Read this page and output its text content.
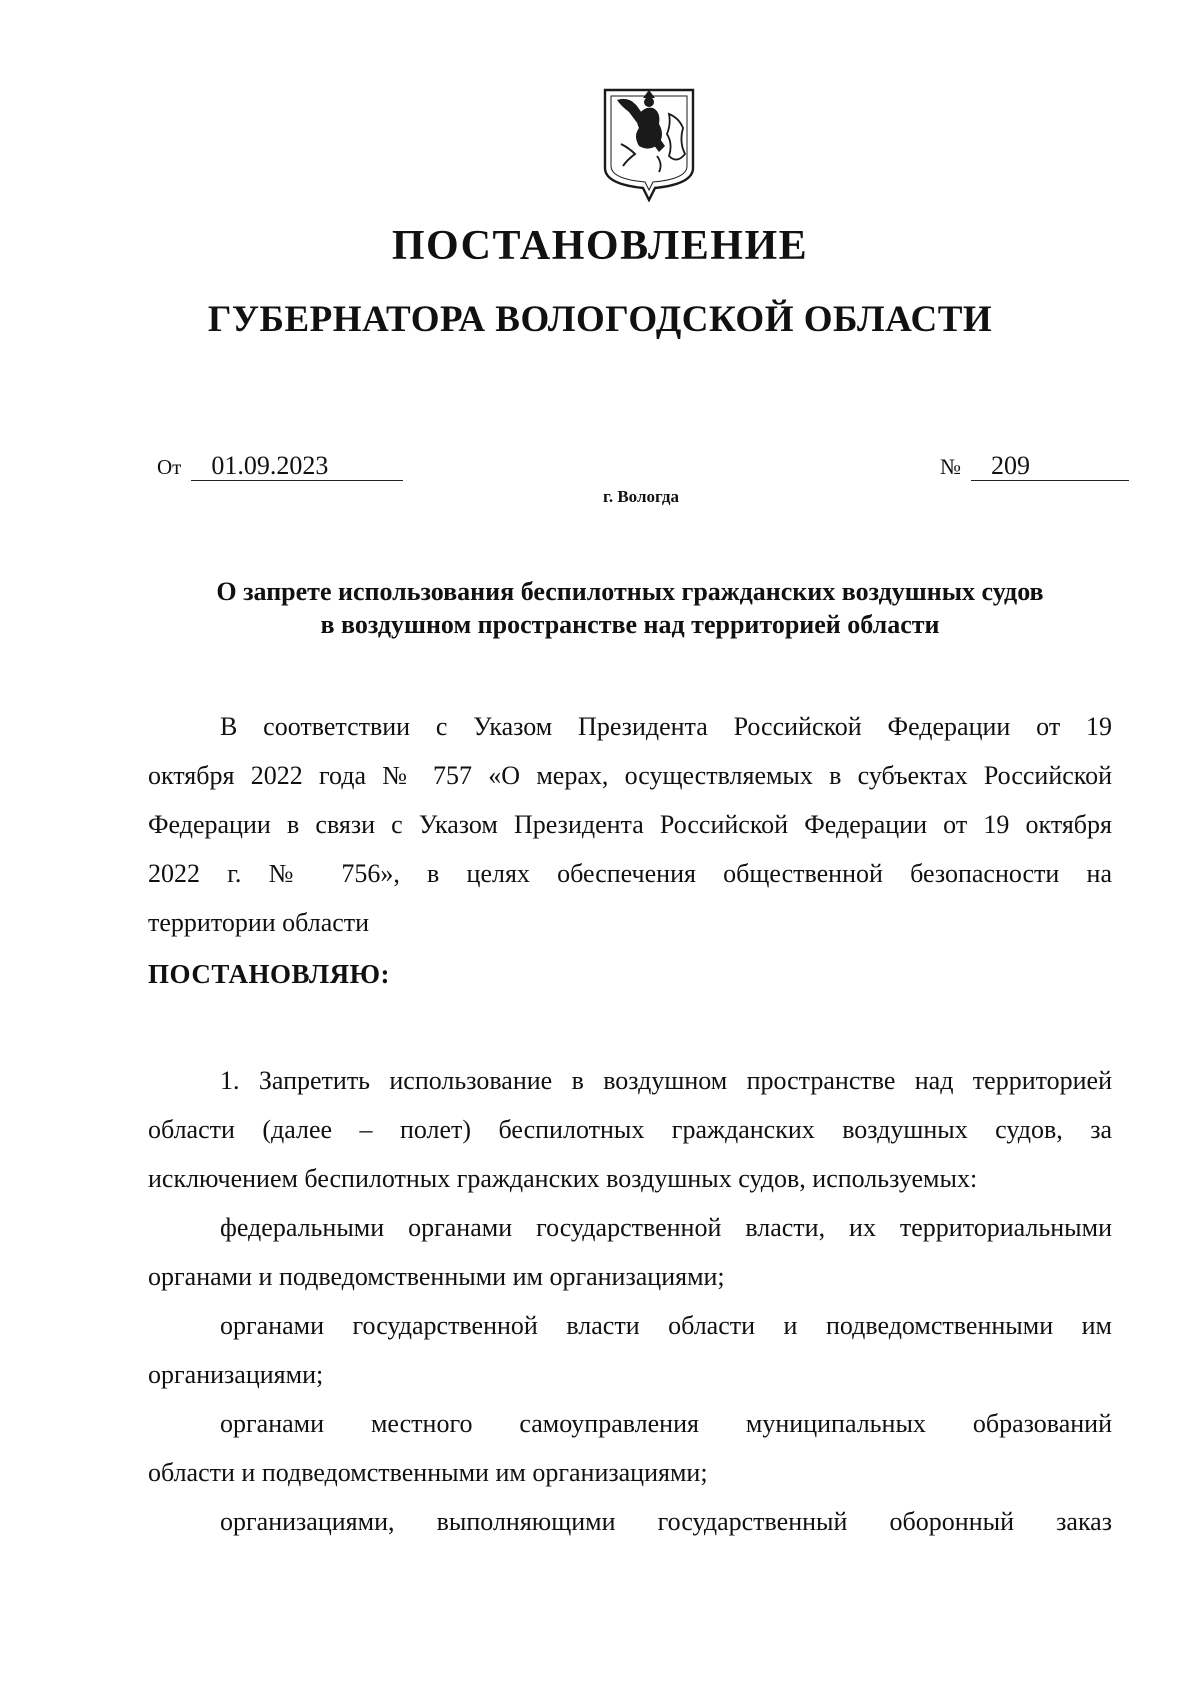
ПОСТАНОВЛЕНИЕ
ГУБЕРНАТОРА ВОЛОГОДСКОЙ ОБЛАСТИ
От 01.09.2023	№ 209
г. Вологда
О запрете использования беспилотных гражданских воздушных судов
в воздушном пространстве над территорией области
В соответствии с Указом Президента Российской Федерации от 19
октября 2022 года № 757 «О мерах, осуществляемых в субъектах Российской
Федерации в связи с Указом Президента Российской Федерации от 19 октября
2022 г. № 756», в целях обеспечения общественной безопасности на
территории области
ПОСТАНОВЛЯЮ:
1. Запретить использование в воздушном пространстве над территорией
области (далее – полет) беспилотных гражданских воздушных судов, за
исключением беспилотных гражданских воздушных судов, используемых:
федеральными органами государственной власти, их территориальными
органами и подведомственными им организациями;
органами государственной власти области и подведомственными им
организациями;
органами местного самоуправления муниципальных образований
области и подведомственными им организациями;
организациями, выполняющими государственный оборонный заказ
